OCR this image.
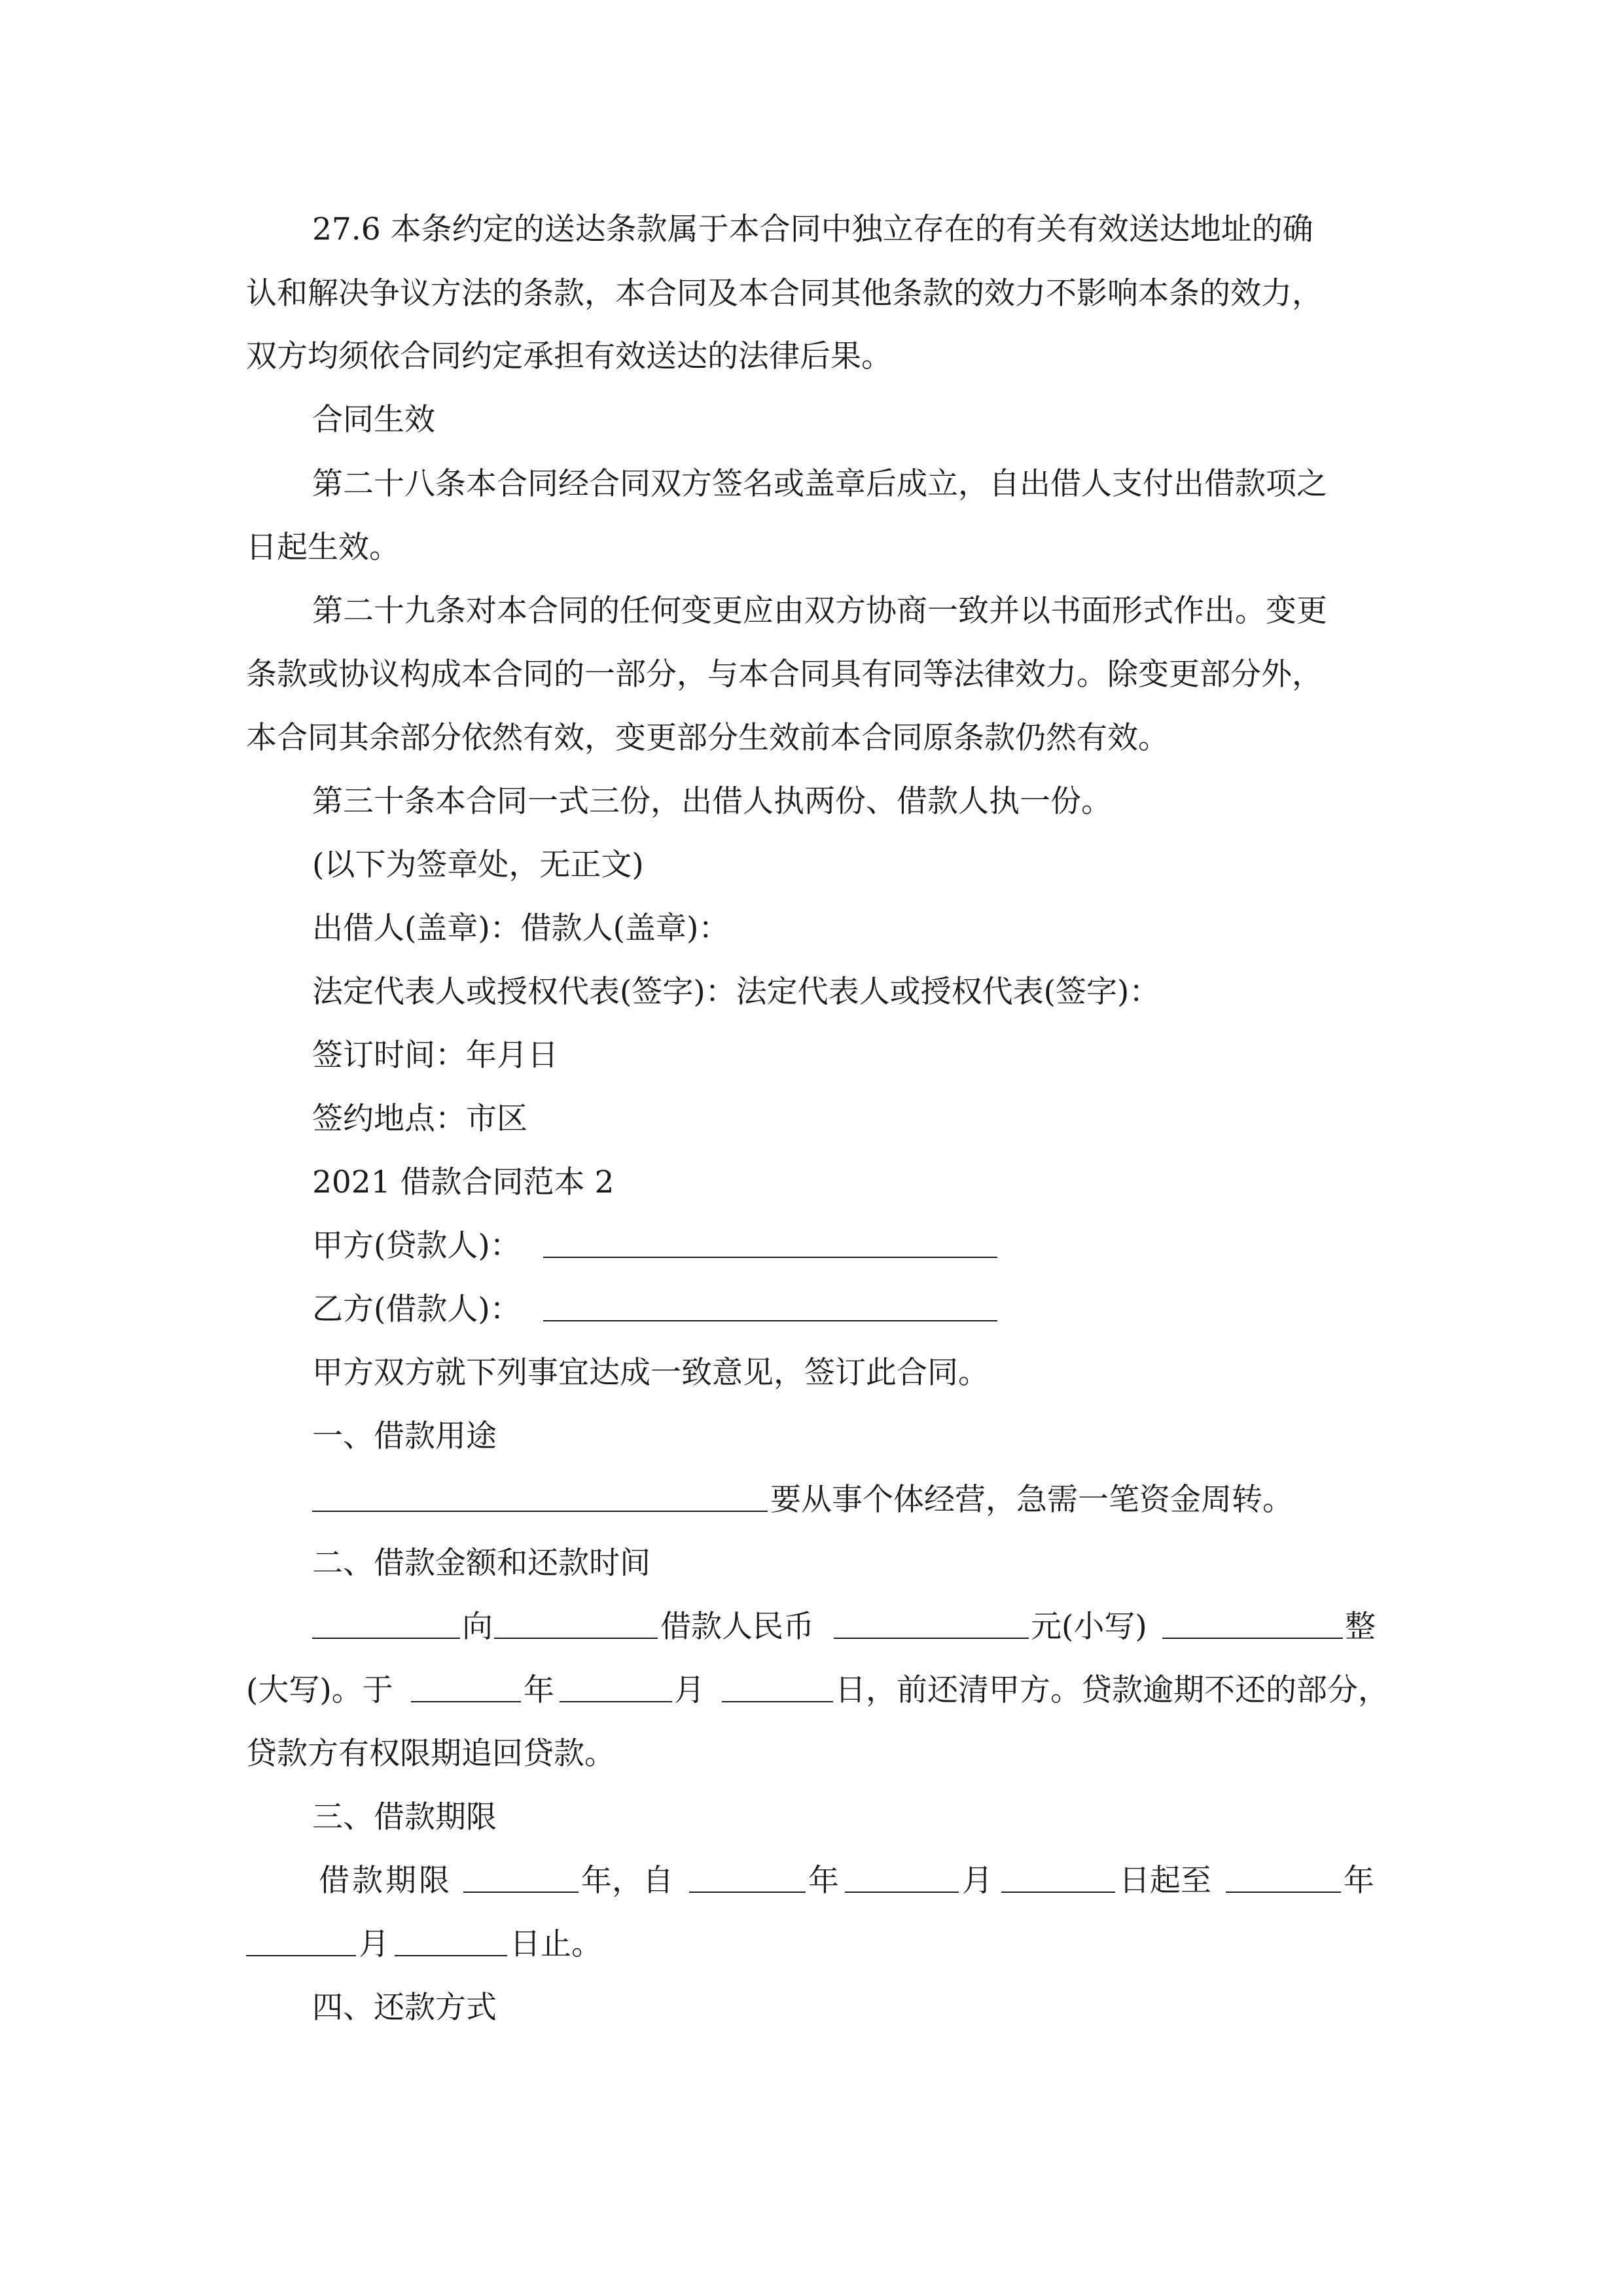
27.6 本条约定的送达条款属于本合同中独立存在的有关有效送达地址的确
认和解决争议方法的条款，本合同及本合同其他条款的效力不影响本条的效力，
双方均须依合同约定承担有效送达的法律后果。
合同生效
第二十八条本合同经合同双方签名或盖章后成立，自出借人支付出借款项之
日起生效。
第二十九条对本合同的任何变更应由双方协商一致并以书面形式作出。变更
条款或协议构成本合同的一部分，与本合同具有同等法律效力。除变更部分外，
本合同其余部分依然有效，变更部分生效前本合同原条款仍然有效。
第三十条本合同一式三份，出借人执两份、借款人执一份。
(以下为签章处，无正文)
出借人(盖章)：借款人(盖章)：
法定代表人或授权代表(签字)：法定代表人或授权代表(签字)：
签订时间：年月日
签约地点：市区
2021 借款合同范本 2
甲方(贷款人)：
乙方(借款人)：
甲方双方就下列事宜达成一致意见，签订此合同。
一、借款用途
要从事个体经营，急需一笔资金周转。
二、借款金额和还款时间
向	借款人民币	元(小写)	整
(大写)。于	年	月	日，前还清甲方。贷款逾期不还的部分，
贷款方有权限期追回贷款。
三、借款期限
借款期限	年，自	年	月	日起至	年
月	日止。
四、还款方式
